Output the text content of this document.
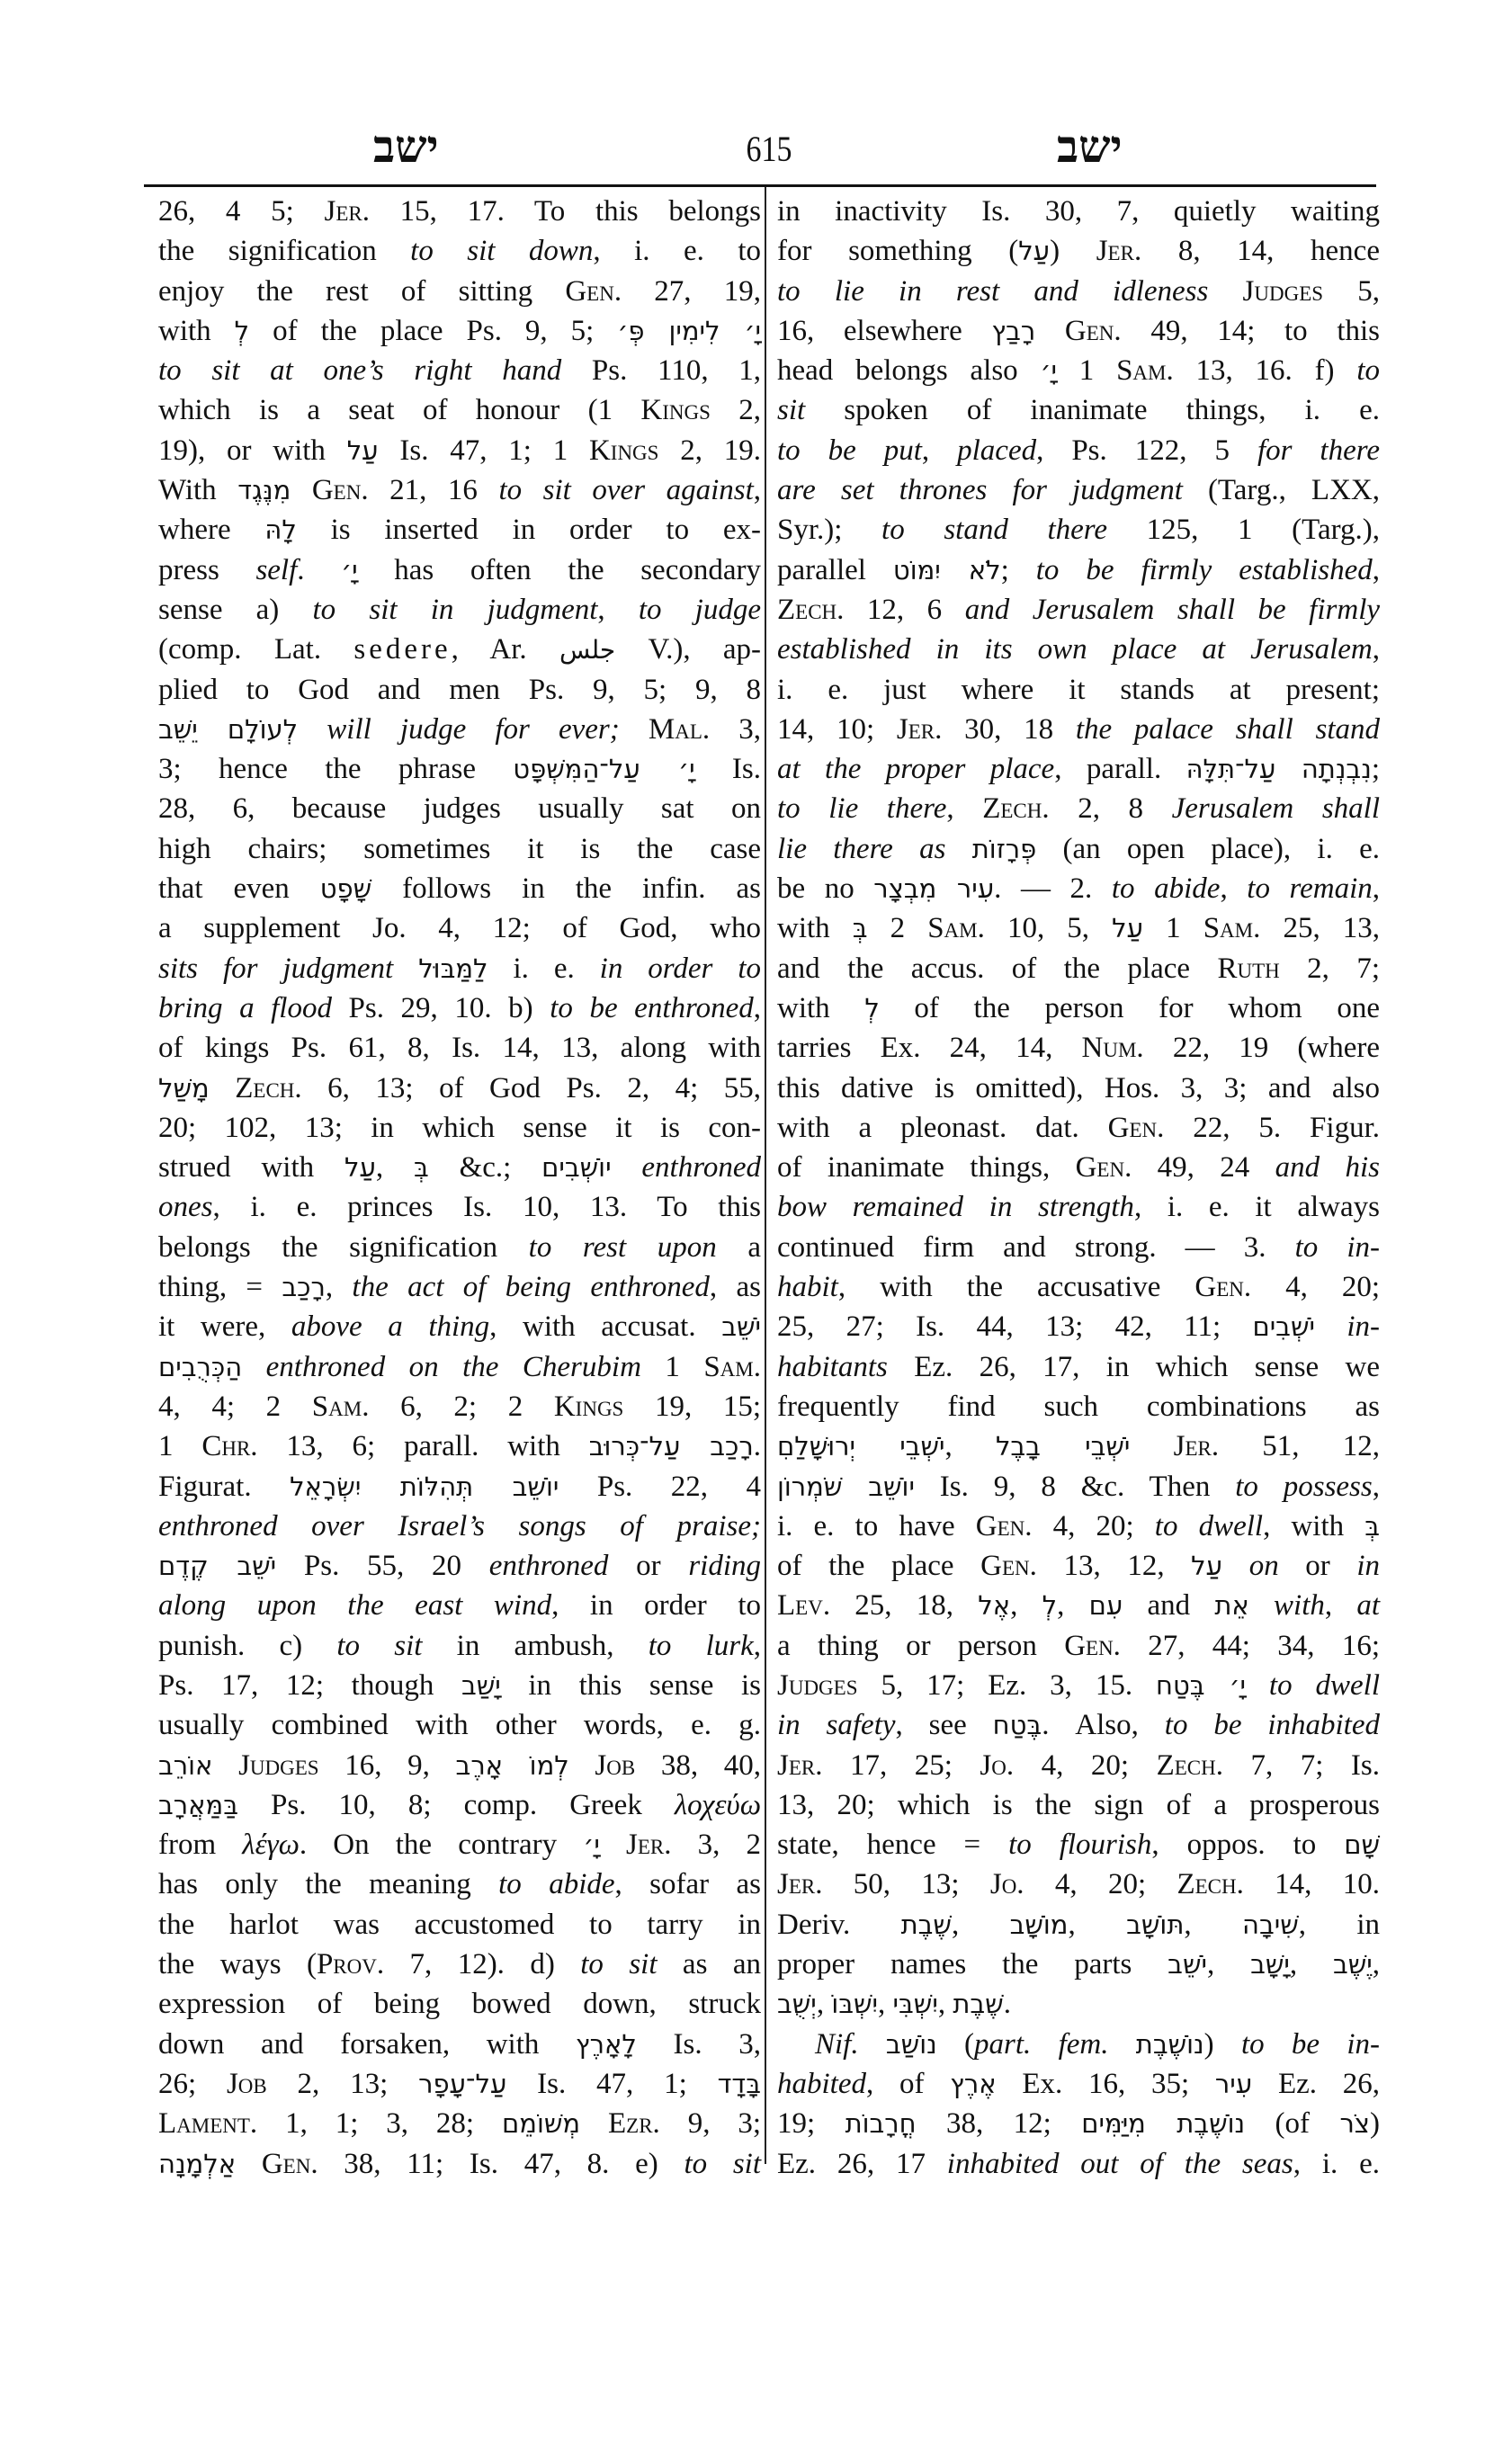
ישב	615	ישב
26, 4 5; Jer. 15, 17. To this belongs
the signification to sit down, i. e. to
enjoy the rest of sitting Gen. 27, 19,
with לְ of the place Ps. 9, 5; יָ׳ לִימִין פְּ׳
to sit at one’s right hand Ps. 110, 1,
which is a seat of honour (1 Kings 2,
19), or with עַל Is. 47, 1; 1 Kings 2, 19.
With מִנֶּגֶד Gen. 21, 16 to sit over against,
where לָהּ is inserted in order to ex-
press self. יָ׳ has often the secondary
sense a) to sit in judgment, to judge
(comp. Lat. sedere, Ar. جلس V.), ap-
plied to God and men Ps. 9, 5; 9, 8
לְעוֹלָם יֵשֵׁב will judge for ever; Mal. 3,
3; hence the phrase יָ׳ עַל־הַמִּשְׁפָּט Is.
28, 6, because judges usually sat on
high chairs; sometimes it is the case
that even שָׁפָט follows in the infin. as
a supplement Jo. 4, 12; of God, who
sits for judgment לַמַּבּוּל i. e. in order to
bring a flood Ps. 29, 10. b) to be enthroned,
of kings Ps. 61, 8, Is. 14, 13, along with
מָשַׁל Zech. 6, 13; of God Ps. 2, 4; 55,
20; 102, 13; in which sense it is con-
strued with עַל, בְּ &c.; יוֹשְׁבִים enthroned
ones, i. e. princes Is. 10, 13. To this
belongs the signification to rest upon a
thing, = רָכַב, the act of being enthroned, as
it were, above a thing, with accusat. יֹשֵׁב
הַכְּרֻבִים enthroned on the Cherubim 1 Sam.
4, 4; 2 Sam. 6, 2; 2 Kings 19, 15;
1 Chr. 13, 6; parall. with רָכַב עַל־כְּרוּב.
Figurat. יוֹשֵׁב תְּהִלּוֹת יִשְׂרָאֵל Ps. 22, 4
enthroned over Israel’s songs of praise;
יֹשֵׁב קֶדֶם Ps. 55, 20 enthroned or riding
along upon the east wind, in order to
punish. c) to sit in ambush, to lurk,
Ps. 17, 12; though יָשַׁב in this sense is
usually combined with other words, e. g.
אוֹרֵב Judges 16, 9, לְמוֹ אָרֶב Job 38, 40,
בַּמַּאֲרָב Ps. 10, 8; comp. Greek λοχεύω
from λέγω. On the contrary יָ׳ Jer. 3, 2
has only the meaning to abide, sofar as
the harlot was accustomed to tarry in
the ways (Prov. 7, 12). d) to sit as an
expression of being bowed down, struck
down and forsaken, with לָאָרֶץ Is. 3,
26; Job 2, 13; עַל־עָפָר Is. 47, 1; בָּדָד
Lament. 1, 1; 3, 28; מְשׁוֹמֵם Ezr. 9, 3;
אַלְמָנָה Gen. 38, 11; Is. 47, 8. e) to sit
in inactivity Is. 30, 7, quietly waiting
for something (עַל) Jer. 8, 14, hence
to lie in rest and idleness Judges 5,
16, elsewhere רָבַץ Gen. 49, 14; to this
head belongs also יָ׳ 1 Sam. 13, 16. f) to
sit spoken of inanimate things, i. e.
to be put, placed, Ps. 122, 5 for there
are set thrones for judgment (Targ., LXX,
Syr.); to stand there 125, 1 (Targ.),
parallel לֹא יִמּוֹט; to be firmly established,
Zech. 12, 6 and Jerusalem shall be firmly
established in its own place at Jerusalem,
i. e. just where it stands at present;
14, 10; Jer. 30, 18 the palace shall stand
at the proper place, parall. נִבְנְתָה עַל־תִּלָּהּ;
to lie there, Zech. 2, 8 Jerusalem shall
lie there as פְּרָזוֹת (an open place), i. e.
be no עִיר מִבְצָר. — 2. to abide, to remain,
with בְּ 2 Sam. 10, 5, עַל 1 Sam. 25, 13,
and the accus. of the place Ruth 2, 7;
with לְ of the person for whom one
tarries Ex. 24, 14, Num. 22, 19 (where
this dative is omitted), Hos. 3, 3; and also
with a pleonast. dat. Gen. 22, 5. Figur.
of inanimate things, Gen. 49, 24 and his
bow remained in strength, i. e. it always
continued firm and strong. — 3. to in-
habit, with the accusative Gen. 4, 20;
25, 27; Is. 44, 13; 42, 11; יֹשְׁבִים in-
habitants Ez. 26, 17, in which sense we
frequently find such combinations as
יֹשְׁבֵי יְרוּשָׁלַםִ, יֹשְׁבֵי בָבֶל Jer. 51, 12,
יוֹשֵׁב שֹׁמְרוֹן Is. 9, 8 &c. Then to possess,
i. e. to have Gen. 4, 20; to dwell, with בְּ
of the place Gen. 13, 12, עַל on or in
Lev. 25, 18, אֶל, לְ, עִם and אֵת with, at
a thing or person Gen. 27, 44; 34, 16;
Judges 5, 17; Ez. 3, 15. יָ׳ בֶּטַח to dwell
in safety, see בֶּטַח. Also, to be inhabited
Jer. 17, 25; Jo. 4, 20; Zech. 7, 7; Is.
13, 20; which is the sign of a prosperous
state, hence = to flourish, oppos. to שָׁם
Jer. 50, 13; Jo. 4, 20; Zech. 14, 10.
Deriv. שֶׁבֶת, מוֹשָׁב, תּוֹשָׁב, שִׁיבָה, in
proper names the parts יֹשֵׁב, יָשָׁב, יֶשֶׁב,
יְשֻׁב, יִשְׁבּוֹ, יִשְׁבִּי, שֶׁבֶת.
Nif. נוֹשַׁב (part. fem. נוֹשֶׁבֶת) to be in-
habited, of אֶרֶץ Ex. 16, 35; עִיר Ez. 26,
19; חֳרָבוֹת 38, 12; נוֹשֶׁבֶת מִיַּמִּים (of צֹר)
Ez. 26, 17 inhabited out of the seas, i. e.
